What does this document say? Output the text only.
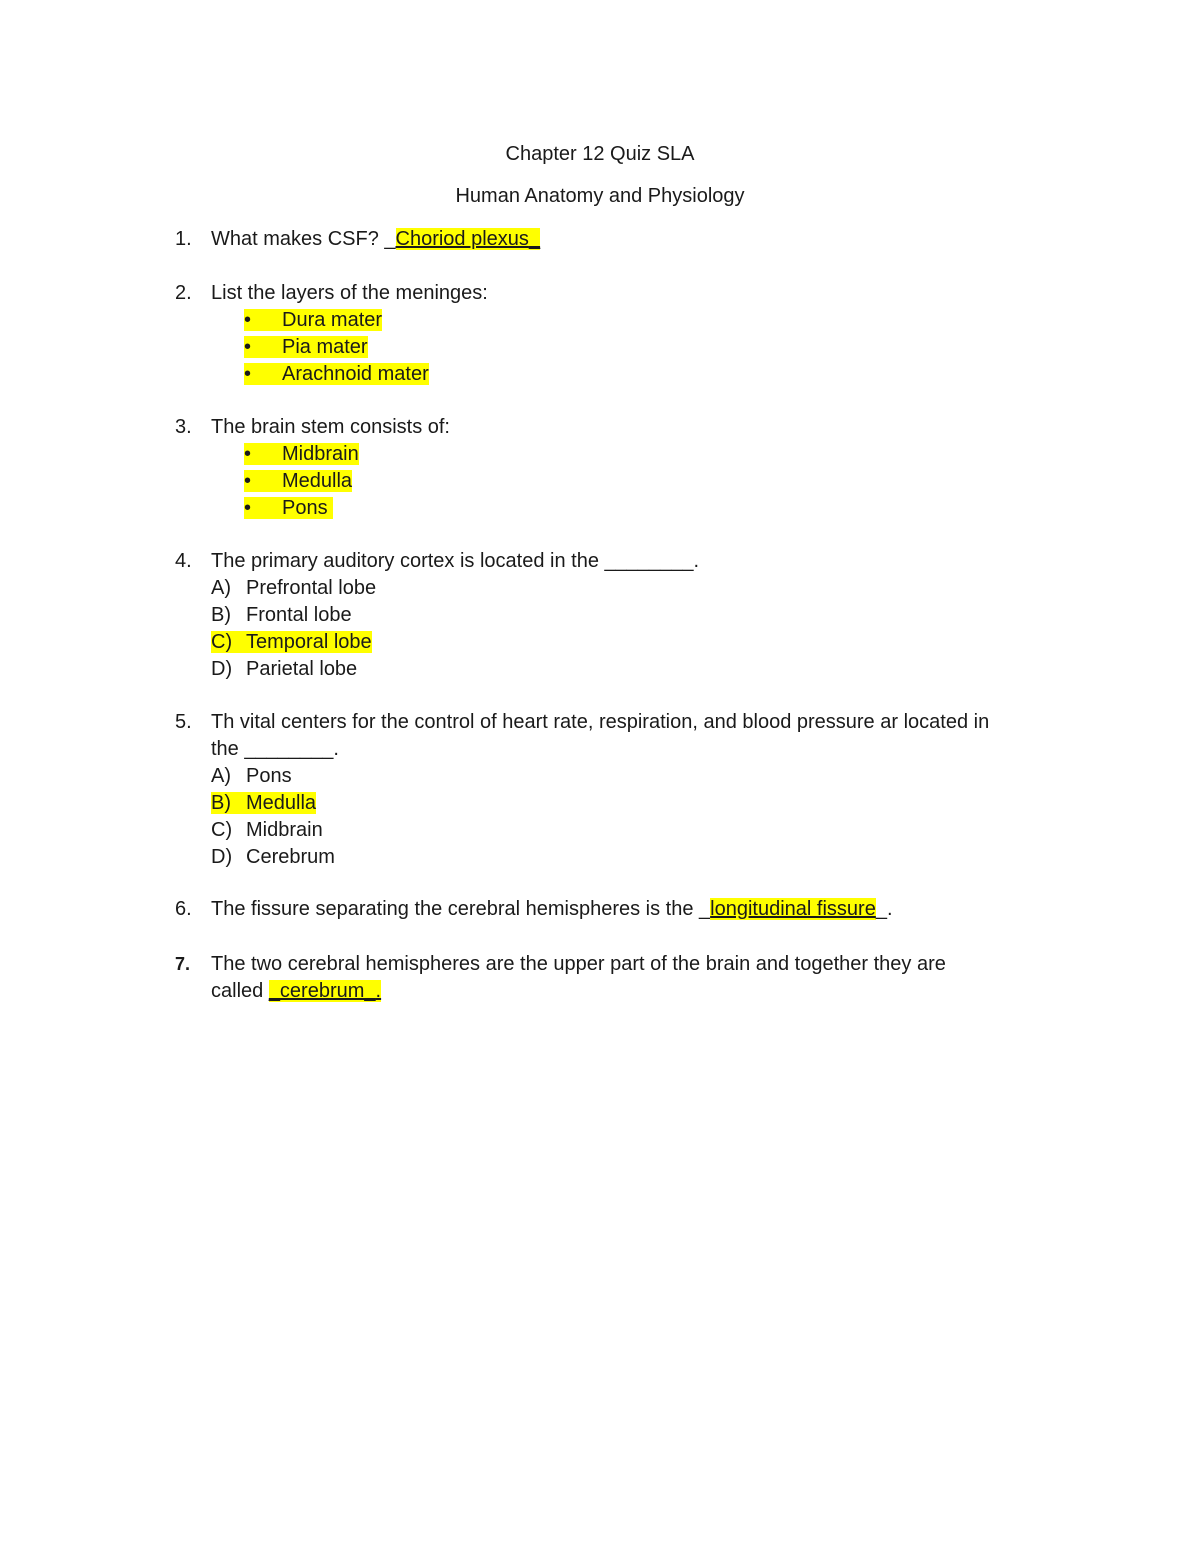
Chapter 12 Quiz SLA
Human Anatomy and Physiology
1. What makes CSF? _Choriod plexus_
2. List the layers of the meninges:
• Dura mater
• Pia mater
• Arachnoid mater
3. The brain stem consists of:
• Midbrain
• Medulla
• Pons
4. The primary auditory cortex is located in the ________.
A) Prefrontal lobe
B) Frontal lobe
C) Temporal lobe
D) Parietal lobe
5. Th vital centers for the control of heart rate, respiration, and blood pressure ar located in
the ________.
A) Pons
B) Medulla
C) Midbrain
D) Cerebrum
6. The fissure separating the cerebral hemispheres is the _longitudinal fissure_.
7. The two cerebral hemispheres are the upper part of the brain and together they are
called _cerebrum_.
